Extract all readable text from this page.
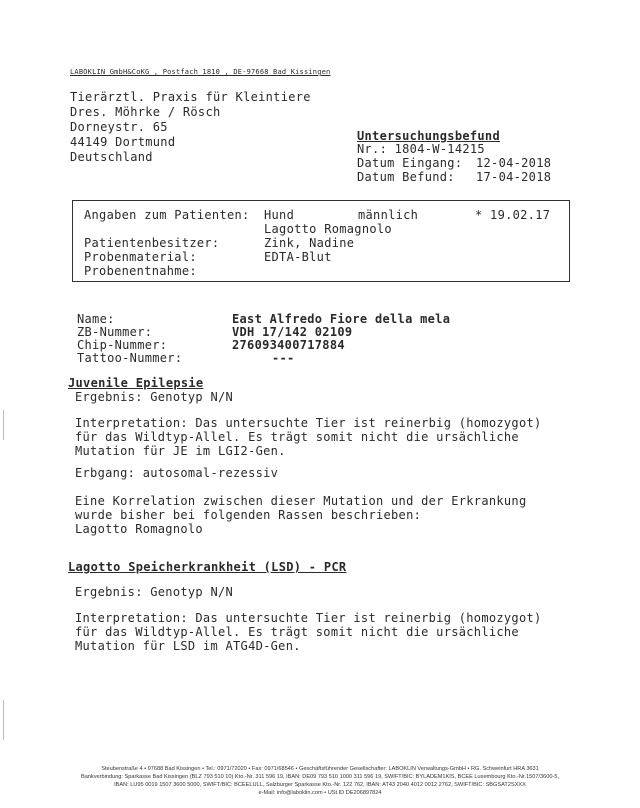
LABOKLIN GmbH&CoKG , Postfach 1810 , DE-97668 Bad Kissingen
Tierärztl. Praxis für Kleintiere
Dres. Möhrke / Rösch
Dorneystr. 65
44149 Dortmund
Deutschland
Untersuchungsbefund
Nr.: 1804-W-14215
Datum Eingang: 12-04-2018
Datum Befund: 17-04-2018
Angaben zum Patienten: Hund	männlich	* 19.02.17
Lagotto Romagnolo
Patientenbesitzer:	Zink, Nadine
Probenmaterial:	EDTA-Blut
Probenentnahme:
Name:	East Alfredo Fiore della mela
ZB-Nummer:	VDH 17/142 02109
Chip-Nummer:	276093400717884
Tattoo-Nummer:	---
Juvenile Epilepsie
Ergebnis: Genotyp N/N
Interpretation: Das untersuchte Tier ist reinerbig (homozygot)
für das Wildtyp-Allel. Es trägt somit nicht die ursächliche
Mutation für JE im LGI2-Gen.
Erbgang: autosomal-rezessiv
Eine Korrelation zwischen dieser Mutation und der Erkrankung
wurde bisher bei folgenden Rassen beschrieben:
Lagotto Romagnolo
Lagotto Speicherkrankheit (LSD) - PCR
Ergebnis: Genotyp N/N
Interpretation: Das untersuchte Tier ist reinerbig (homozygot)
für das Wildtyp-Allel. Es trägt somit nicht die ursächliche
Mutation für LSD im ATG4D-Gen.
Steubenstraße 4 • 97688 Bad Kissingen • Tel.: 0971/72020 • Fax: 0971/68546 • Geschäftsführender Gesellschafter: LABOKLIN Verwaltungs-GmbH • RG. Schweinfurt HRA 3631
Bankverbindung: Sparkasse Bad Kissingen (BLZ 793 510 10) Kto.-Nr. 311 596 19, IBAN: DE09 793 510 1000 311 596 19, SWIFT/BIC: BYLADEM1KIS, BCEE Luxembourg Kto.-Nr.1507/3600-5,
IBAN: LU95 0019 1507 3600 5000, SWIFT/BIC: BCEELULL, Salzburger Sparkasse Kto.-Nr. 122 762, IBAN: AT43 2040 4012 0012 2762, SWIFT/BIC: SBGSAT2SXXX
e-Mail: info@laboklin.com • USt.ID DE206897824
